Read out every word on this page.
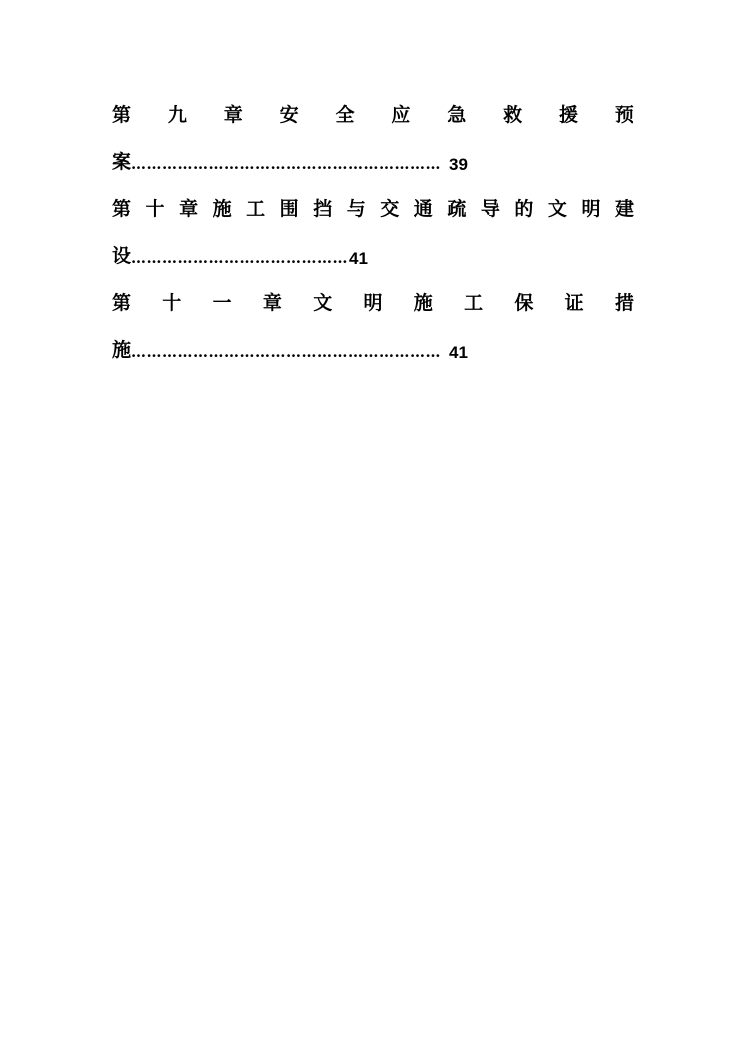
第 九 章 安 全 应 急 救 援 预
案 …………………………………………………… 39
第 十 章 施 工 围 挡 与 交 通 疏 导 的 文 明 建
设 …………………………………… 41
第 十 一 章 文 明 施 工 保 证 措
施 …………………………………………………… 41
